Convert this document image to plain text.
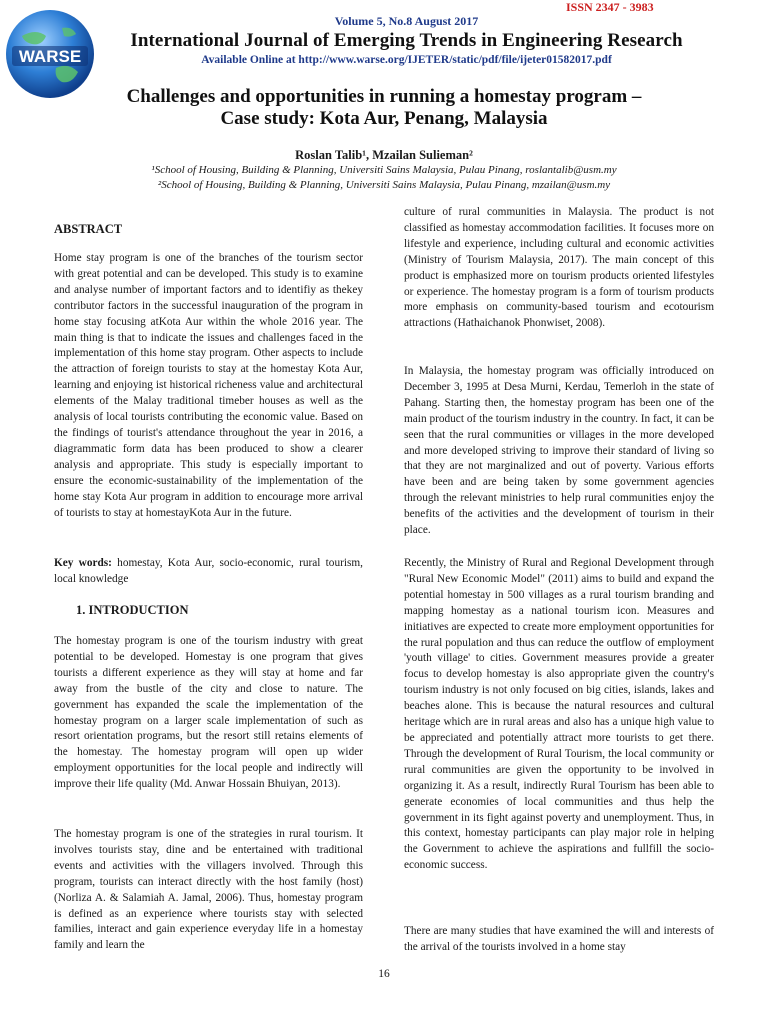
ISSN 2347 - 3983
WARSE
Volume 5, No.8 August 2017
International Journal of Emerging Trends in Engineering Research
Available Online at http://www.warse.org/IJETER/static/pdf/file/ijeter01582017.pdf
Challenges and opportunities in running a homestay program –
Case study: Kota Aur, Penang, Malaysia
Roslan Talib¹, Mzailan Sulieman²
¹School of Housing, Building & Planning, Universiti Sains Malaysia, Pulau Pinang, roslantalib@usm.my
²School of Housing, Building & Planning, Universiti Sains Malaysia, Pulau Pinang, mzailan@usm.my
ABSTRACT
Home stay program is one of the branches of the tourism sector with great potential and can be developed. This study is to examine and analyse number of important factors and to identifiy as thekey contributor factors in the successful inauguration of the program in home stay focusing atKota Aur within the whole 2016 year. The main thing is that to indicate the issues and challenges faced in the implementation of this home stay program. Other aspects to include the attraction of foreign tourists to stay at the homestay Kota Aur, learning and enjoying ist historical richeness value and architectural elements of the Malay traditional timeber houses as well as the analysis of local tourists contributing the economic value. Based on the findings of tourist's attendance throughout the year in 2016, a diagrammatic form data has been produced to show a clearer analysis and appropriate. This study is especially important to ensure the economic-sustainability of the implementation of the home stay Kota Aur program in addition to encourage more arrival of tourists to stay at homestayKota Aur in the future.
Key words: homestay, Kota Aur, socio-economic, rural tourism, local knowledge
1. INTRODUCTION
The homestay program is one of the tourism industry with great potential to be developed. Homestay is one program that gives tourists a different experience as they will stay at home and far away from the bustle of the city and close to nature. The government has expanded the scale the implementation of the homestay program on a larger scale implementation of such as resort orientation programs, but the resort still retains elements of the homestay. The homestay program will open up wider employment opportunities for the local people and indirectly will improve their life quality (Md. Anwar Hossain Bhuiyan, 2013).
The homestay program is one of the strategies in rural tourism. It involves tourists stay, dine and be entertained with traditional events and activities with the villagers involved. Through this program, tourists can interact directly with the host family (host) (Norliza A. & Salamiah A. Jamal, 2006). Thus, homestay program is defined as an experience where tourists stay with selected families, interact and gain experience everyday life in a homestay family and learn the
culture of rural communities in Malaysia. The product is not classified as homestay accommodation facilities. It focuses more on lifestyle and experience, including cultural and economic activities (Ministry of Tourism Malaysia, 2017). The main concept of this product is emphasized more on tourism products oriented lifestyles or experience. The homestay program is a form of tourism products more emphasis on community-based tourism and ecotourism attractions (Hathaichanok Phonwiset, 2008).
In Malaysia, the homestay program was officially introduced on December 3, 1995 at Desa Murni, Kerdau, Temerloh in the state of Pahang. Starting then, the homestay program has been one of the main product of the tourism industry in the country. In fact, it can be seen that the rural communities or villages in the more developed and more developed striving to improve their standard of living so that they are not marginalized and out of poverty. Various efforts have been and are being taken by some government agencies through the relevant ministries to help rural communities enjoy the benefits of the activities and the development of tourism in their place.
Recently, the Ministry of Rural and Regional Development through "Rural New Economic Model" (2011) aims to build and expand the potential homestay in 500 villages as a rural tourism branding and mapping homestay as a national tourism icon. Measures and initiatives are expected to create more employment opportunities for the rural population and thus can reduce the outflow of employment 'youth village' to cities. Government measures provide a greater focus to develop homestay is also appropriate given the country's tourism industry is not only focused on big cities, islands, lakes and beaches alone. This is because the natural resources and cultural heritage which are in rural areas and also has a unique high value to be appreciated and potentially attract more tourists to get there. Through the development of Rural Tourism, the local community or rural communities are given the opportunity to be involved in organizing it. As a result, indirectly Rural Tourism has been able to generate economies of local communities and thus help the government in its fight against poverty and unemployment. Thus, in this context, homestay participants can play major role in helping the Government to achieve the aspirations and fullfill the socio-economic success.
There are many studies that have examined the will and interests of the arrival of the tourists involved in a home stay
16
